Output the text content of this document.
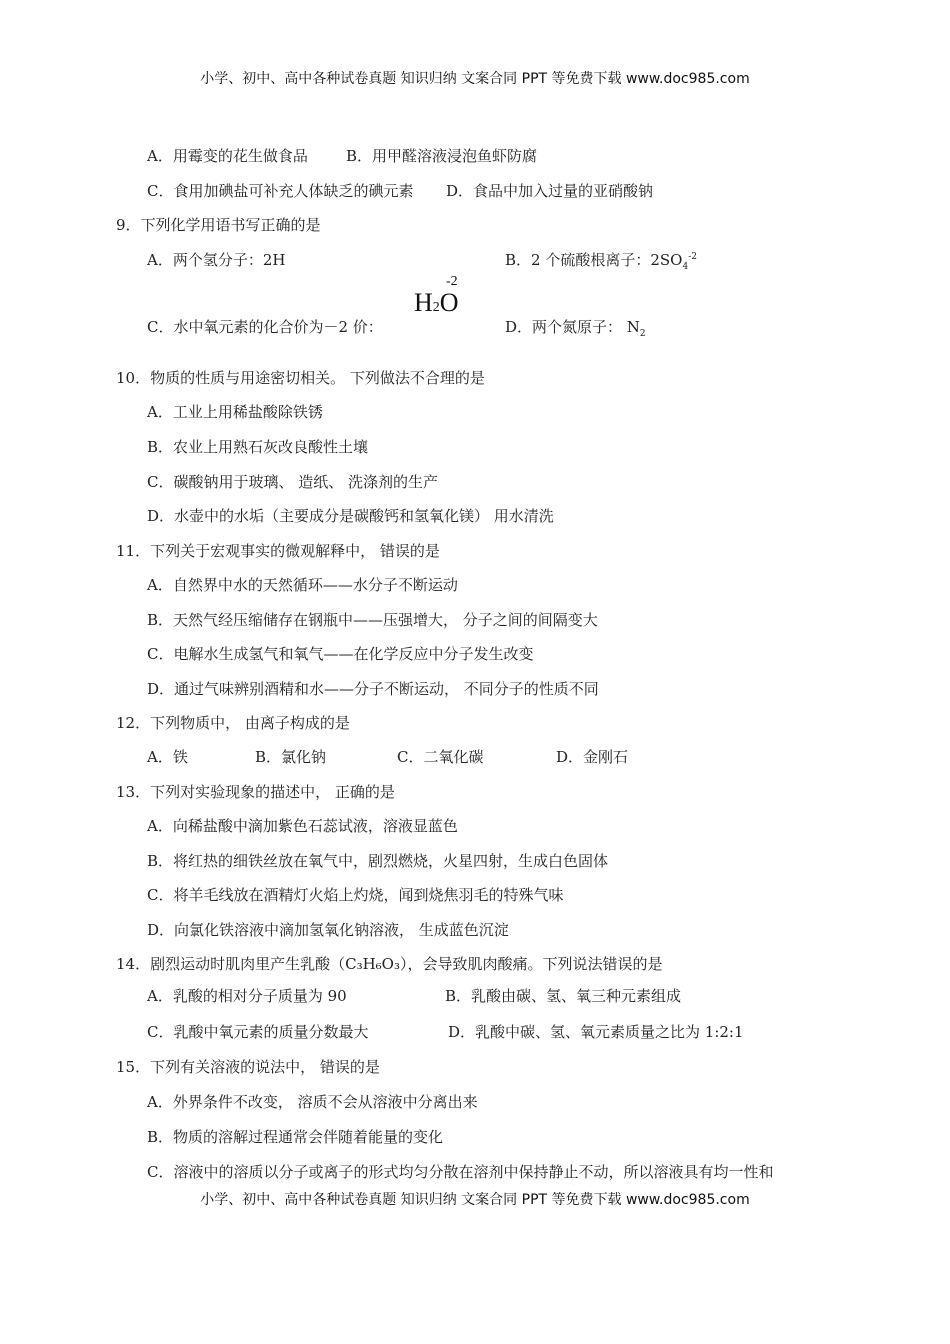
小学、初中、高中各种试卷真题 知识归纳 文案合同 PPT 等免费下载 www.doc985.com
A．用霉变的花生做食品	B．用甲醛溶液浸泡鱼虾防腐
C．食用加碘盐可补充人体缺乏的碘元素 D．食品中加入过量的亚硝酸钠
9．下列化学用语书写正确的是
A．两个氢分子：2H	B．2 个硫酸根离子：$2SO_4^{-2}$
C．水中氧元素的化合价为－2 价：
H2O
-2
D．两个氮原子： $N_2$
10．物质的性质与用途密切相关。 下列做法不合理的是
A．工业上用稀盐酸除铁锈
B．农业上用熟石灰改良酸性土壤
C．碳酸钠用于玻璃、 造纸、 洗涤剂的生产
D．水壶中的水垢（主要成分是碳酸钙和氢氧化镁） 用水清洗
11．下列关于宏观事实的微观解释中， 错误的是
A．自然界中水的天然循环——水分子不断运动
B．天然气经压缩储存在钢瓶中——压强增大， 分子之间的间隔变大
C．电解水生成氢气和氧气——在化学反应中分子发生改变
D．通过气味辨别酒精和水——分子不断运动， 不同分子的性质不同
12．下列物质中， 由离子构成的是
A．铁	B．氯化钠	C．二氧化碳	D．金刚石
13．下列对实验现象的描述中， 正确的是
A．向稀盐酸中滴加紫色石蕊试液，溶液显蓝色
B．将红热的细铁丝放在氧气中，剧烈燃烧，火星四射，生成白色固体
C．将羊毛线放在酒精灯火焰上灼烧，闻到烧焦羽毛的特殊气味
D．向氯化铁溶液中滴加氢氧化钠溶液， 生成蓝色沉淀
14．剧烈运动时肌肉里产生乳酸（C₃H₆O₃），会导致肌肉酸痛。下列说法错误的是
A．乳酸的相对分子质量为 90	B．乳酸由碳、氢、氧三种元素组成
C．乳酸中氧元素的质量分数最大	D．乳酸中碳、氢、氧元素质量之比为 1:2:1
15．下列有关溶液的说法中， 错误的是
A．外界条件不改变， 溶质不会从溶液中分离出来
B．物质的溶解过程通常会伴随着能量的变化
C．溶液中的溶质以分子或离子的形式均匀分散在溶剂中保持静止不动，所以溶液具有均一性和
小学、初中、高中各种试卷真题 知识归纳 文案合同 PPT 等免费下载 www.doc985.com
